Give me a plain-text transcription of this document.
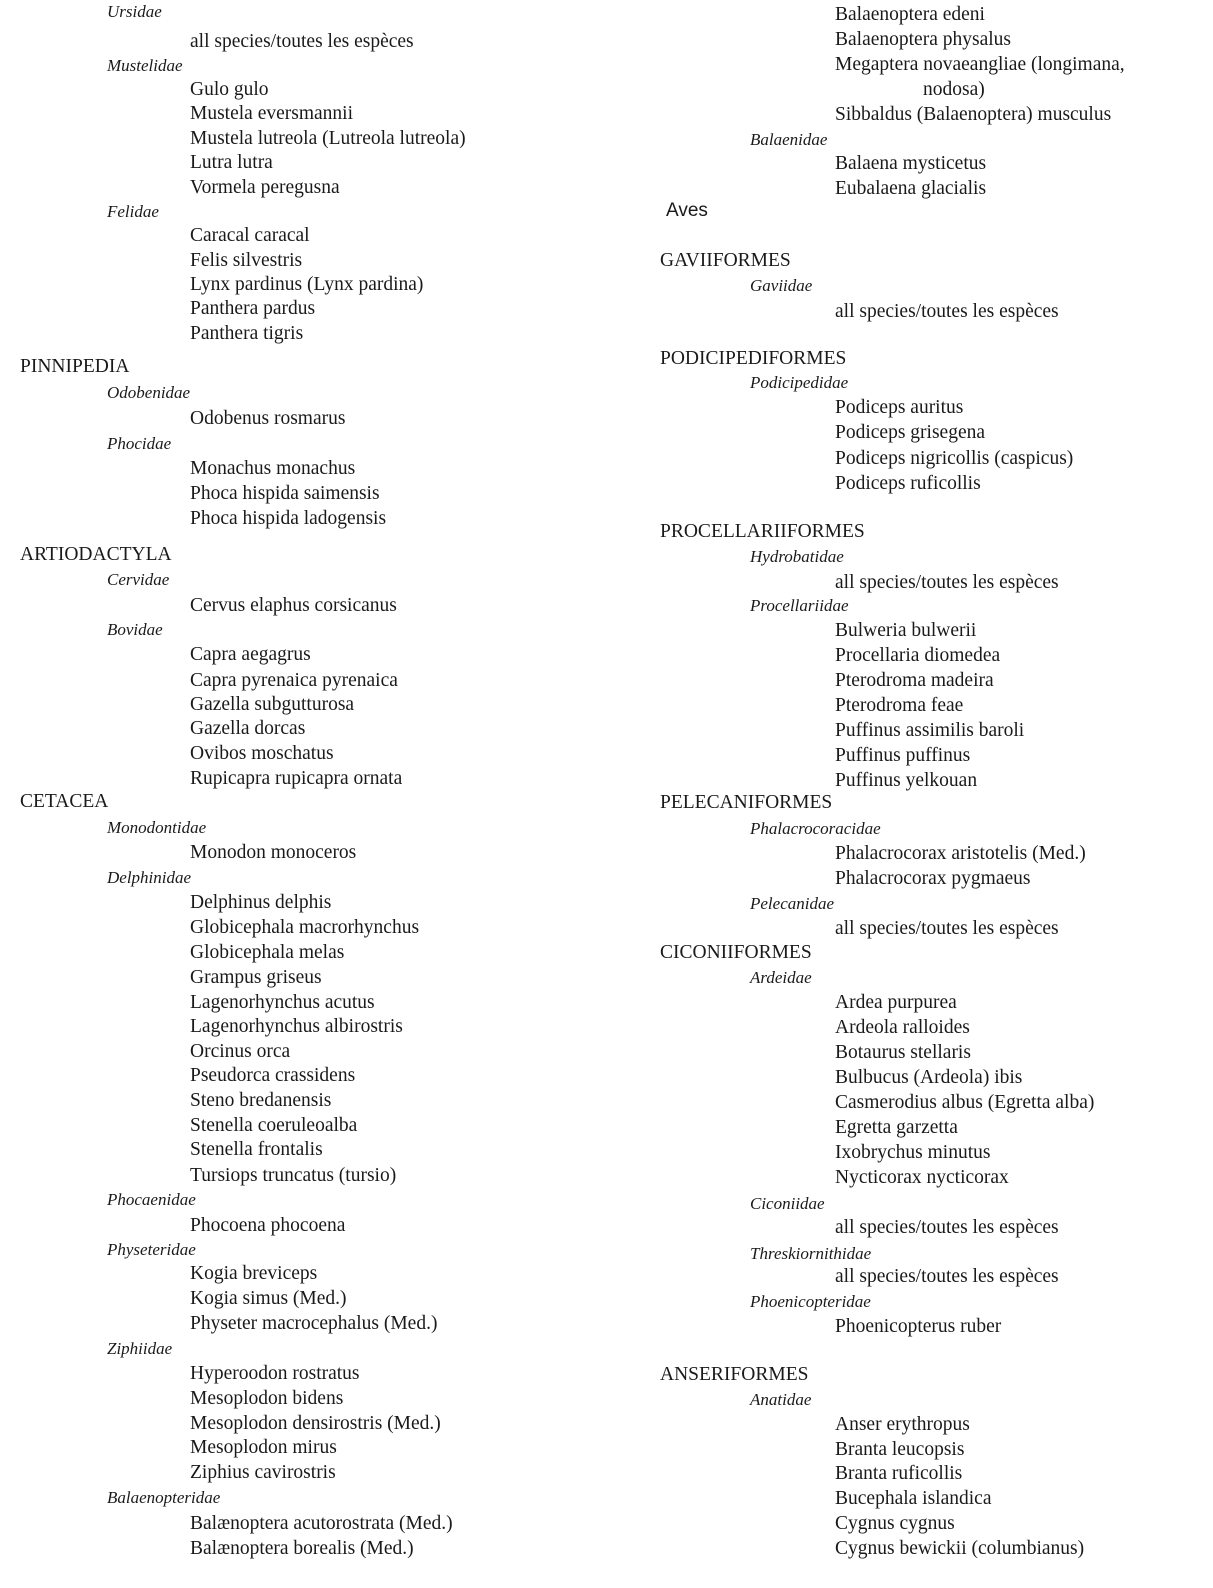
Ursidae
all species/toutes les espèces
Mustelidae
Gulo gulo
Mustela eversmannii
Mustela lutreola (Lutreola lutreola)
Lutra lutra
Vormela peregusna
Felidae
Caracal caracal
Felis silvestris
Lynx pardinus (Lynx pardina)
Panthera pardus
Panthera tigris
PINNIPEDIA
Odobenidae
Odobenus rosmarus
Phocidae
Monachus monachus
Phoca hispida saimensis
Phoca hispida ladogensis
ARTIODACTYLA
Cervidae
Cervus elaphus corsicanus
Bovidae
Capra aegagrus
Capra pyrenaica pyrenaica
Gazella subgutturosa
Gazella dorcas
Ovibos moschatus
Rupicapra rupicapra ornata
CETACEA
Monodontidae
Monodon monoceros
Delphinidae
Delphinus delphis
Globicephala macrorhynchus
Globicephala melas
Grampus griseus
Lagenorhynchus acutus
Lagenorhynchus albirostris
Orcinus orca
Pseudorca crassidens
Steno bredanensis
Stenella coeruleoalba
Stenella frontalis
Tursiops truncatus (tursio)
Phocaenidae
Phocoena phocoena
Physeteridae
Kogia breviceps
Kogia simus (Med.)
Physeter macrocephalus (Med.)
Ziphiidae
Hyperoodon rostratus
Mesoplodon bidens
Mesoplodon densirostris (Med.)
Mesoplodon mirus
Ziphius cavirostris
Balaenopteridae
Balænoptera acutorostrata (Med.)
Balænoptera borealis (Med.)
Balaenoptera edeni
Balaenoptera physalus
Megaptera novaeangliae (longimana,
nodosa)
Sibbaldus (Balaenoptera) musculus
Balaenidae
Balaena mysticetus
Eubalaena glacialis
Aves
GAVIIFORMES
Gaviidae
all species/toutes les espèces
PODICIPEDIFORMES
Podicipedidae
Podiceps auritus
Podiceps grisegena
Podiceps nigricollis (caspicus)
Podiceps ruficollis
PROCELLARIIFORMES
Hydrobatidae
all species/toutes les espèces
Procellariidae
Bulweria bulwerii
Procellaria diomedea
Pterodroma madeira
Pterodroma feae
Puffinus assimilis baroli
Puffinus puffinus
Puffinus yelkouan
PELECANIFORMES
Phalacrocoracidae
Phalacrocorax aristotelis (Med.)
Phalacrocorax pygmaeus
Pelecanidae
all species/toutes les espèces
CICONIIFORMES
Ardeidae
Ardea purpurea
Ardeola ralloides
Botaurus stellaris
Bulbucus (Ardeola) ibis
Casmerodius albus (Egretta alba)
Egretta garzetta
Ixobrychus minutus
Nycticorax nycticorax
Ciconiidae
all species/toutes les espèces
Threskiornithidae
all species/toutes les espèces
Phoenicopteridae
Phoenicopterus ruber
ANSERIFORMES
Anatidae
Anser erythropus
Branta leucopsis
Branta ruficollis
Bucephala islandica
Cygnus cygnus
Cygnus bewickii (columbianus)
